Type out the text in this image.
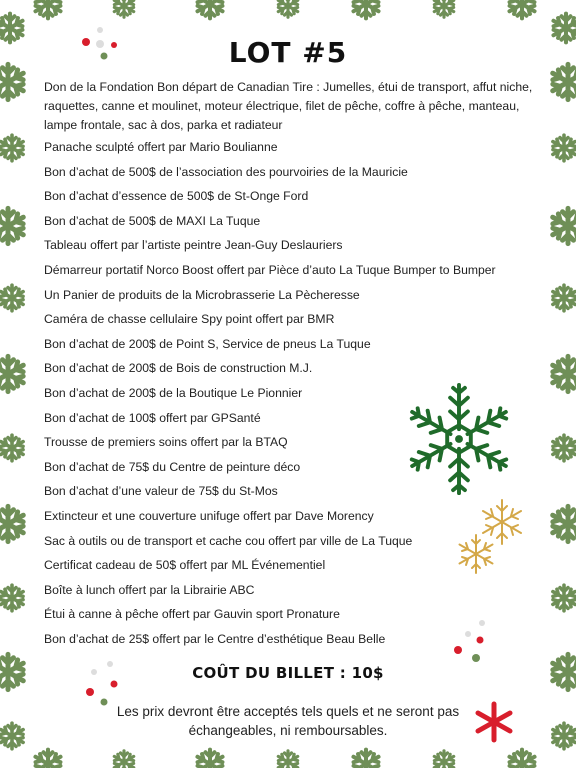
LOT #5

Don de la Fondation Bon départ de Canadian Tire : Jumelles, étui de transport, affut niche, raquettes, canne et moulinet, moteur électrique, filet de pêche, coffre à pêche, manteau, lampe frontale, sac à dos, parka et radiateur

Panache sculpté offert par Mario Boulianne
Bon d’achat de 500$ de l’association des pourvoiries de la Mauricie
Bon d’achat d’essence de 500$ de St-Onge Ford
Bon d’achat de 500$ de MAXI La Tuque
Tableau offert par l’artiste peintre Jean-Guy Deslauriers
Démarreur portatif Norco Boost offert par Pièce d’auto La Tuque Bumper to Bumper
Un Panier de produits de la Microbrasserie La Pècheresse
Caméra de chasse cellulaire Spy point offert par BMR
Bon d’achat de 200$ de Point S, Service de pneus La Tuque
Bon d’achat de 200$ de Bois de construction M.J.
Bon d’achat de 200$ de la Boutique Le Pionnier
Bon d’achat de 100$ offert par GPSanté
Trousse de premiers soins offert par la BTAQ
Bon d’achat de 75$ du Centre de peinture déco
Bon d’achat d’une valeur de 75$ du St-Mos
Extincteur et une couverture unifuge offert par Dave Morency
Sac à outils ou de transport et cache cou offert par ville de La Tuque
Certificat cadeau de 50$ offert par ML Événementiel
Boîte à lunch offert par la Librairie ABC
Étui à canne à pêche offert par Gauvin sport Pronature
Bon d’achat de 25$ offert par le Centre d’esthétique Beau Belle
COÛT DU BILLET : 10$

Les prix devront être acceptés tels quels et ne seront pas échangeables, ni remboursables.
